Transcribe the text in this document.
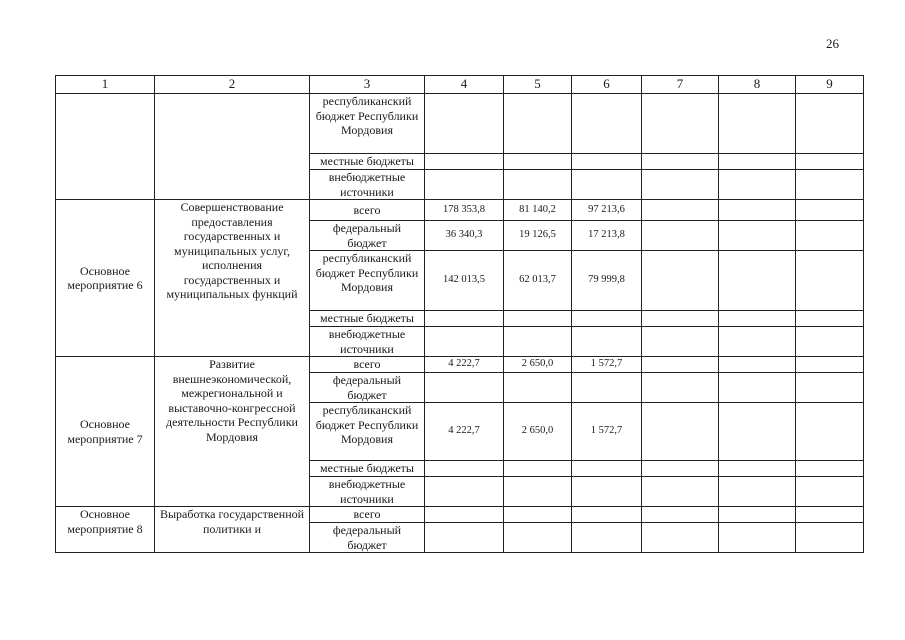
26
1	2	3	4	5	6	7	8	9
		республиканский бюджет Республики Мордовия						
		местные бюджеты						
		внебюджетные источники						
Основное мероприятие 6	Совершенствование предоставления государственных и муниципальных услуг, исполнения государственных и муниципальных функций	всего	178 353,8	81 140,2	97 213,6			
		федеральный бюджет	36 340,3	19 126,5	17 213,8			
		республиканский бюджет Республики Мордовия	142 013,5	62 013,7	79 999,8			
		местные бюджеты						
		внебюджетные источники						
Основное мероприятие 7	Развитие внешнеэкономической, межрегиональной и выставочно-конгрессной деятельности Республики Мордовия	всего	4 222,7	2 650,0	1 572,7			
		федеральный бюджет						
		республиканский бюджет Республики Мордовия	4 222,7	2 650,0	1 572,7			
		местные бюджеты						
		внебюджетные источники						
Основное мероприятие 8	Выработка государственной политики и	всего						
		федеральный бюджет						
